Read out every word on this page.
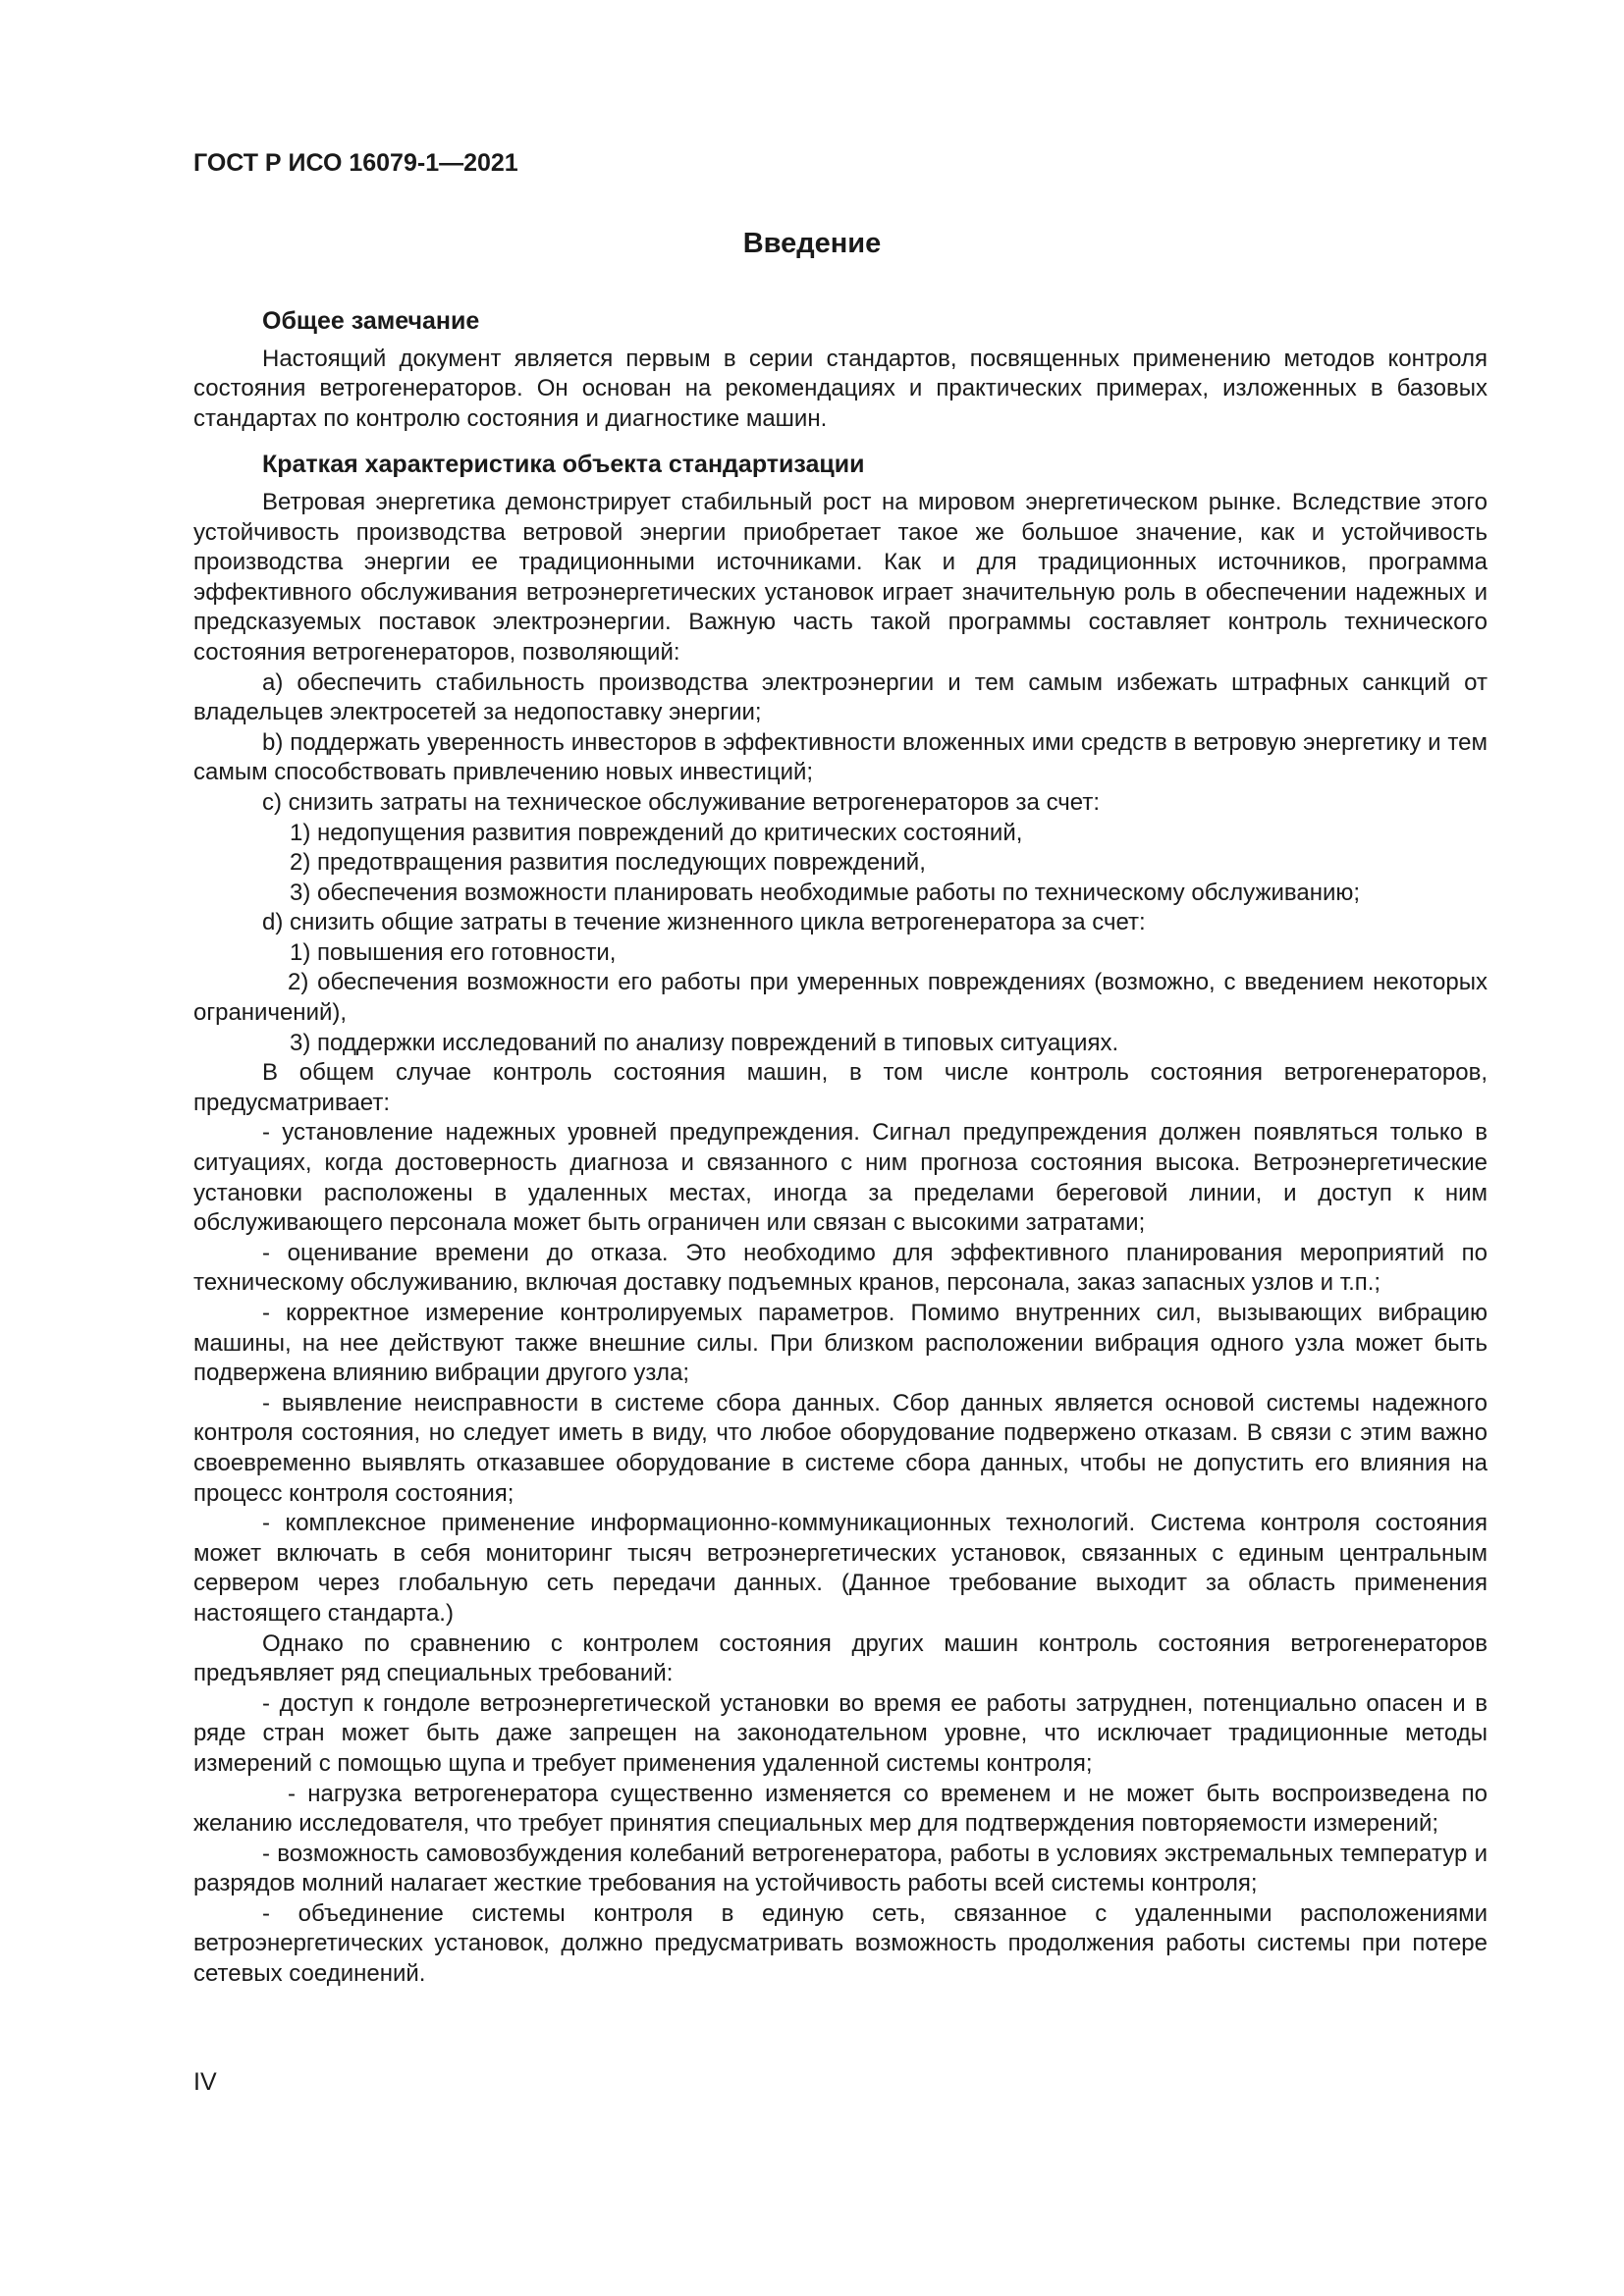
ГОСТ Р ИСО 16079-1—2021
Введение
Общее замечание

Настоящий документ является первым в серии стандартов, посвященных применению методов контроля состояния ветрогенераторов. Он основан на рекомендациях и практических примерах, изложенных в базовых стандартах по контролю состояния и диагностике машин.

Краткая характеристика объекта стандартизации

Ветровая энергетика демонстрирует стабильный рост на мировом энергетическом рынке. Вследствие этого устойчивость производства ветровой энергии приобретает такое же большое значение, как и устойчивость производства энергии ее традиционными источниками. Как и для традиционных источников, программа эффективного обслуживания ветроэнергетических установок играет значительную роль в обеспечении надежных и предсказуемых поставок электроэнергии. Важную часть такой программы составляет контроль технического состояния ветрогенераторов, позволяющий:

a) обеспечить стабильность производства электроэнергии и тем самым избежать штрафных санкций от владельцев электросетей за недопоставку энергии;

b) поддержать уверенность инвесторов в эффективности вложенных ими средств в ветровую энергетику и тем самым способствовать привлечению новых инвестиций;

c) снизить затраты на техническое обслуживание ветрогенераторов за счет:

1) недопущения развития повреждений до критических состояний,

2) предотвращения развития последующих повреждений,

3) обеспечения возможности планировать необходимые работы по техническому обслуживанию;

d) снизить общие затраты в течение жизненного цикла ветрогенератора за счет:

1) повышения его готовности,

2) обеспечения возможности его работы при умеренных повреждениях (возможно, с введением некоторых ограничений),

3) поддержки исследований по анализу повреждений в типовых ситуациях.

В общем случае контроль состояния машин, в том числе контроль состояния ветрогенераторов, предусматривает:

- установление надежных уровней предупреждения. Сигнал предупреждения должен появляться только в ситуациях, когда достоверность диагноза и связанного с ним прогноза состояния высока. Ветроэнергетические установки расположены в удаленных местах, иногда за пределами береговой линии, и доступ к ним обслуживающего персонала может быть ограничен или связан с высокими затратами;

- оценивание времени до отказа. Это необходимо для эффективного планирования мероприятий по техническому обслуживанию, включая доставку подъемных кранов, персонала, заказ запасных узлов и т.п.;

- корректное измерение контролируемых параметров. Помимо внутренних сил, вызывающих вибрацию машины, на нее действуют также внешние силы. При близком расположении вибрация одного узла может быть подвержена влиянию вибрации другого узла;

- выявление неисправности в системе сбора данных. Сбор данных является основой системы надежного контроля состояния, но следует иметь в виду, что любое оборудование подвержено отказам. В связи с этим важно своевременно выявлять отказавшее оборудование в системе сбора данных, чтобы не допустить его влияния на процесс контроля состояния;

- комплексное применение информационно-коммуникационных технологий. Система контроля состояния может включать в себя мониторинг тысяч ветроэнергетических установок, связанных с единым центральным сервером через глобальную сеть передачи данных. (Данное требование выходит за область применения настоящего стандарта.)

Однако по сравнению с контролем состояния других машин контроль состояния ветрогенераторов предъявляет ряд специальных требований:

- доступ к гондоле ветроэнергетической установки во время ее работы затруднен, потенциально опасен и в ряде стран может быть даже запрещен на законодательном уровне, что исключает традиционные методы измерений с помощью щупа и требует применения удаленной системы контроля;

- нагрузка ветрогенератора существенно изменяется со временем и не может быть воспроизведена по желанию исследователя, что требует принятия специальных мер для подтверждения повторяемости измерений;

- возможность самовозбуждения колебаний ветрогенератора, работы в условиях экстремальных температур и разрядов молний налагает жесткие требования на устойчивость работы всей системы контроля;

- объединение системы контроля в единую сеть, связанное с удаленными расположениями ветроэнергетических установок, должно предусматривать возможность продолжения работы системы при потере сетевых соединений.

IV
